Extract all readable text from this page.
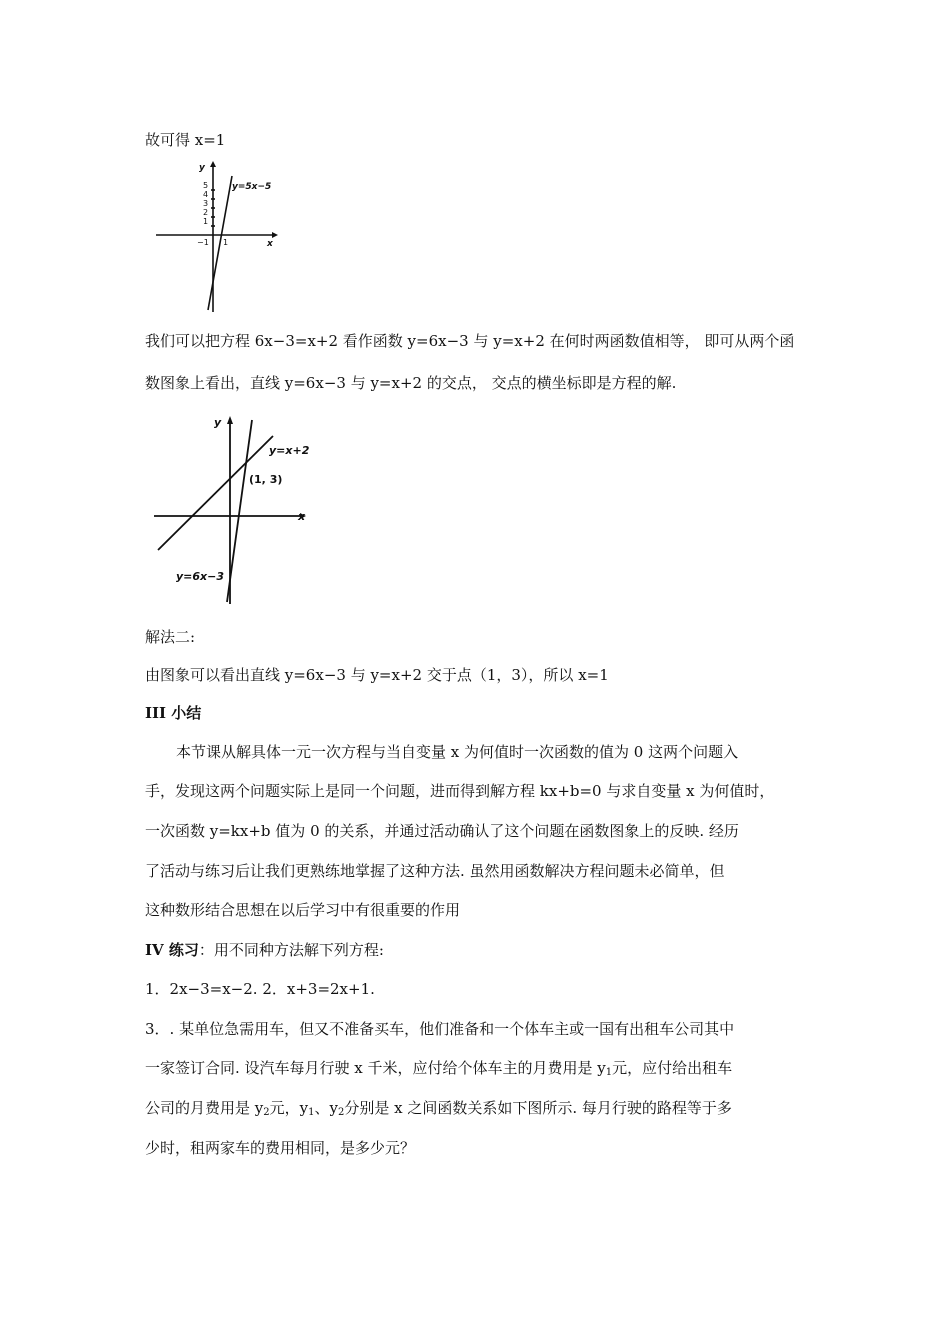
故可得 x=1
y
x
y=5x−5
5
4
3
2
1
−1 1
我们可以把方程 6x−3=x+2 看作函数 y=6x−3 与 y=x+2 在何时两函数值相等， 即可从两个函
数图象上看出，直线 y=6x−3 与 y=x+2 的交点， 交点的横坐标即是方程的解.
y
x
y=x+2
(1, 3)
y=6x−3
解法二:
由图象可以看出直线 y=6x−3 与 y=x+2 交于点（1，3），所以 x=1
III 小结
本节课从解具体一元一次方程与当自变量 x 为何值时一次函数的值为 0 这两个问题入
手，发现这两个问题实际上是同一个问题，进而得到解方程 kx+b=0 与求自变量 x 为何值时，
一次函数 y=kx+b 值为 0 的关系，并通过活动确认了这个问题在函数图象上的反映. 经历
了活动与练习后让我们更熟练地掌握了这种方法. 虽然用函数解决方程问题未必简单，但
这种数形结合思想在以后学习中有很重要的作用
IV 练习：用不同种方法解下列方程:
1．2x−3=x−2. 2．x+3=2x+1.
3．. 某单位急需用车，但又不准备买车，他们准备和一个体车主或一国有出租车公司其中
一家签订合同. 设汽车每月行驶 x 千米，应付给个体车主的月费用是 $y_1$元，应付给出租车
公司的月费用是 $y_2$元，$y_1$、$y_2$分别是 x 之间函数关系如下图所示. 每月行驶的路程等于多
少时，租两家车的费用相同，是多少元？
